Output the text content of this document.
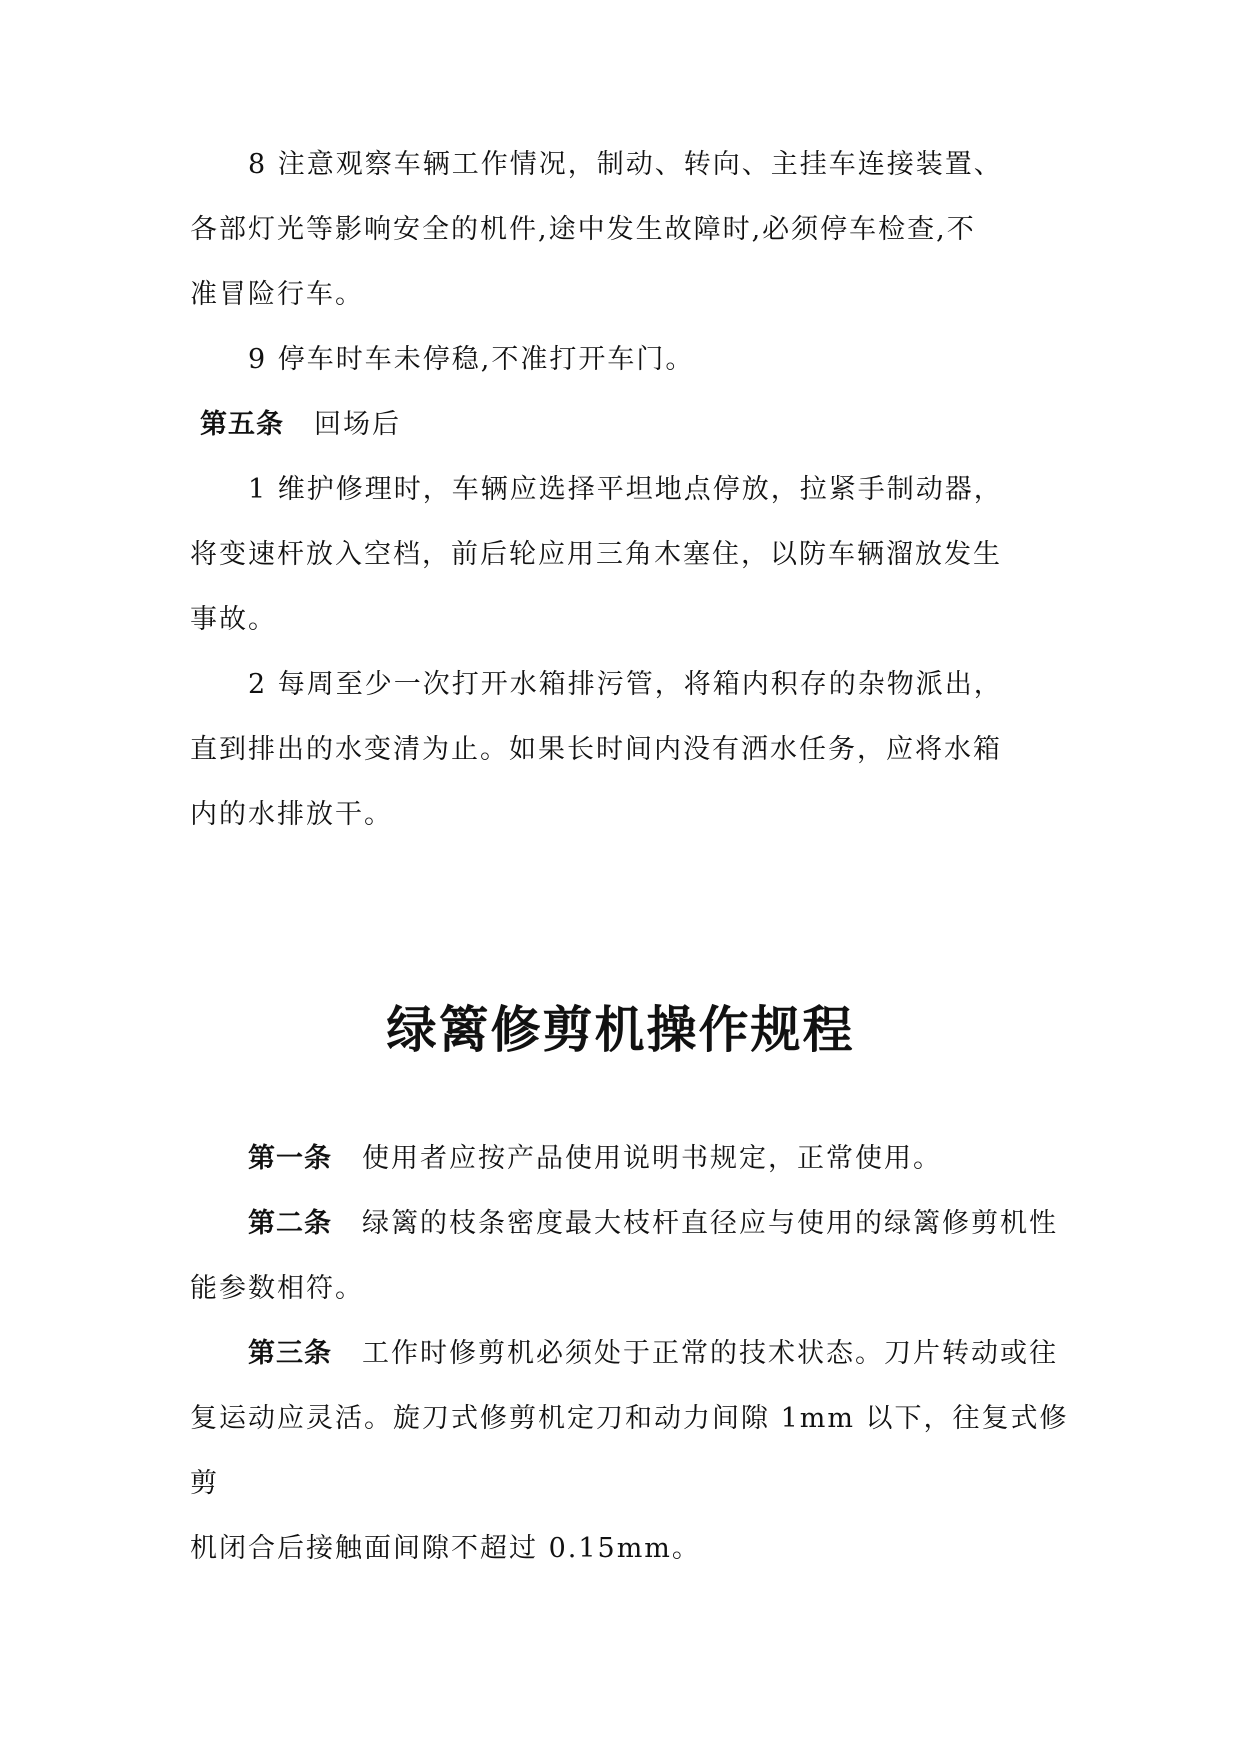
8 注意观察车辆工作情况，制动、转向、主挂车连接装置、

各部灯光等影响安全的机件,途中发生故障时,必须停车检查,不

准冒险行车。

9 停车时车未停稳,不准打开车门。

第五条 回场后

1 维护修理时，车辆应选择平坦地点停放，拉紧手制动器，

将变速杆放入空档，前后轮应用三角木塞住，以防车辆溜放发生

事故。

2 每周至少一次打开水箱排污管，将箱内积存的杂物派出，

直到排出的水变清为止。如果长时间内没有洒水任务，应将水箱

内的水排放干。

绿篱修剪机操作规程

第一条 使用者应按产品使用说明书规定，正常使用。

第二条 绿篱的枝条密度最大枝杆直径应与使用的绿篱修剪机性

能参数相符。

第三条 工作时修剪机必须处于正常的技术状态。刀片转动或往

复运动应灵活。旋刀式修剪机定刀和动力间隙 1mm 以下，往复式修剪

机闭合后接触面间隙不超过 0.15mm。
